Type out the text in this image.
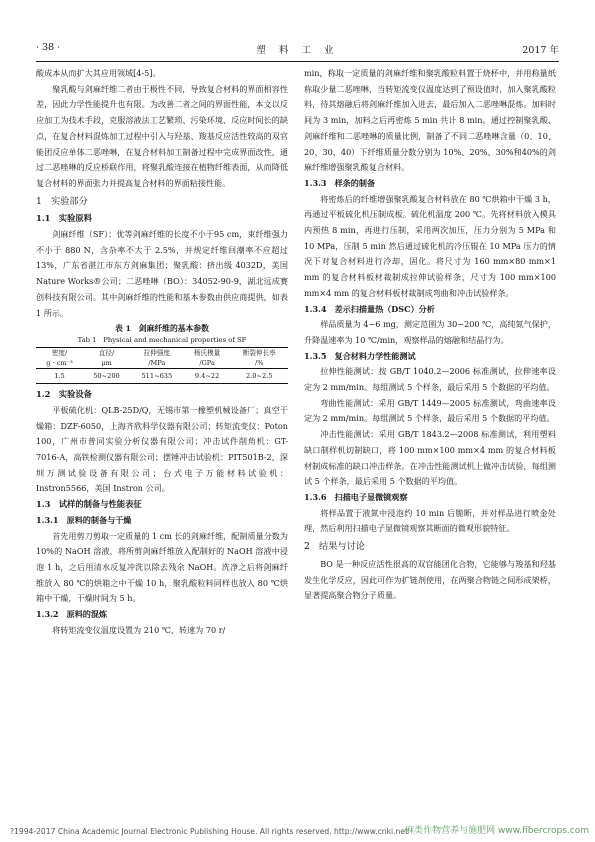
· 38 ·	塑 料 工 业	2017 年

酸成本从而扩大其应用领域[4-5]。

聚乳酸与剑麻纤维二者由于极性不同，导致复合材料的界面相容性差，因此力学性能提升也有限。为改善二者之间的界面性能，本文以反应加工为技术手段，克服溶液法工艺繁琐、污染环境、反应时间长的缺点，在复合材料混炼加工过程中引入与羟基、羧基反应活性较高的双官能团反应单体二恶唑啉，在复合材料加工制备过程中完成界面改性，通过二恶唑啉的反应桥联作用，将聚乳酸连接在植物纤维表面，从而降低复合材料的界面张力并提高复合材料的界面粘接性能。

1　实验部分

1.1　实验原料

剑麻纤维（SF）：优等剑麻纤维的长度不小于95 cm，束纤维强力不小于 880 N，含杂率不大于 2.5%，并规定纤维回潮率不应超过13%，广东省湛江市东方剑麻集团；聚乳酸：挤出级 4032D，美国 Nature Works®公司；二恶唑啉（BO）：34052-90-9，湖北远成赛创科技有限公司。其中剑麻纤维的性能和基本参数由供应商提供，如表 1 所示。

表 1　剑麻纤维的基本参数
Tab 1　Physical and mechanical properties of SF
密度/	直径/	拉伸强度	杨氏模量	断裂伸长率
g · cm⁻³	μm	/MPa	/GPa	/%
1.5	50~200	511~635	9.4~22	2.0~2.5

1.2　实验设备

平板硫化机：QLB-25D/Q，无锡市第一橡塑机械设备厂；真空干燥箱：DZF-6050，上海齐欣科学仪器有限公司；转矩流变仪：Poton 100，广州市普同实验分析仪器有限公司；冲击试件削角机：GT-7016-A，高铁检测仪器有限公司；摆锤冲击试验机：PIT501B-2，深圳万测试验设备有限公司；台式电子万能材料试验机：Instron5566，美国 Instron 公司。

1.3　试样的制备与性能表征

1.3.1　原料的制备与干燥

首先用剪刀剪取一定质量的 1 cm 长的剑麻纤维，配制质量分数为10%的 NaOH 溶液，将所剪剑麻纤维放入配制好的 NaOH 溶液中浸泡 1 h，之后用清水反复冲洗以除去残余 NaOH。洗净之后将剑麻纤维放入 80 ℃的烘箱之中干燥 10 h，聚乳酸粒料同样也放入 80 ℃烘箱中干燥，干燥时间为 5 h。

1.3.2　原料的混炼

将转矩流变仪温度设置为 210 ℃、转速为 70 r/

min，称取一定质量的剑麻纤维和聚乳酸粒料置于烧杯中，并用称量纸称取少量二恶唑啉，当转矩流变仪温度达到了预设值时，加入聚乳酸粒料，待其熔融后将剑麻纤维加入进去，最后加入二恶唑啉混炼。加料时间为 3 min，加料之后再密炼 5 min 共计 8 min。通过控制聚乳酸、剑麻纤维和二恶唑啉的质量比例，制备了不同二恶唑啉含量（0、10、20、30、40）下纤维质量分数分别为 10%、20%、30%和40%的剑麻纤维增强聚乳酸复合材料。

1.3.3　样条的制备

将密炼后的纤维增强聚乳酸复合材料放在 80 ℃烘箱中干燥 3 h，再通过平板硫化机压制成板。硫化机温度 200 ℃。先将材料放入模具内预热 8 min，再进行压制，采用两次加压，压力分别为 5 MPa 和 10 MPa，压制 5 min 然后通过硫化机的冷压辊在 10 MPa 压力的情况下对复合材料进行冷却，固化。将尺寸为 160 mm×80 mm×1 mm 的复合材料板材裁制成拉伸试验样条，尺寸为 100 mm×100 mm×4 mm 的复合材料板材裁制成弯曲和冲击试验样条。

1.3.4　差示扫描量热（DSC）分析

样品质量为 4~6 mg，测定范围为 30~200 ℃，高纯氮气保护，升降温速率为 10 ℃/min，观察样品的熔融和结晶行为。

1.3.5　复合材料力学性能测试

拉伸性能测试：按 GB/T 1040.2—2006 标准测试，拉伸速率设定为 2 mm/min。每组测试 5 个样条，最后采用 5 个数据的平均值。

弯曲性能测试：采用 GB/T 1449—2005 标准测试，弯曲速率设定为 2 mm/min。每组测试 5 个样条，最后采用 5 个数据的平均值。

冲击性能测试：采用 GB/T 1843.2—2008 标准测试，利用塑料缺口制样机切制缺口，将 100 mm×100 mm×4 mm 的复合材料板材制成标准的缺口冲击样条。在冲击性能测试机上做冲击试验，每组测试 5 个样条，最后采用 5 个数据的平均值。

1.3.6　扫描电子显微镜观察

将样品置于液氮中浸泡约 10 min 后脆断，并对样品进行喷金处理，然后利用扫描电子显微镜观察其断面的微观形貌特征。

2　结果与讨论

BO 是一种反应活性很高的双官能团化合物，它能够与羧基和羟基发生化学反应，因此可作为扩链剂使用，在两聚合物链之间形成架桥，显著提高聚合物分子质量。

?1994-2017 China Academic Journal Electronic Publishing House. All rights reserved. http://www.cnki.net
麻类作物营养与施肥网 www.fibercrops.com
